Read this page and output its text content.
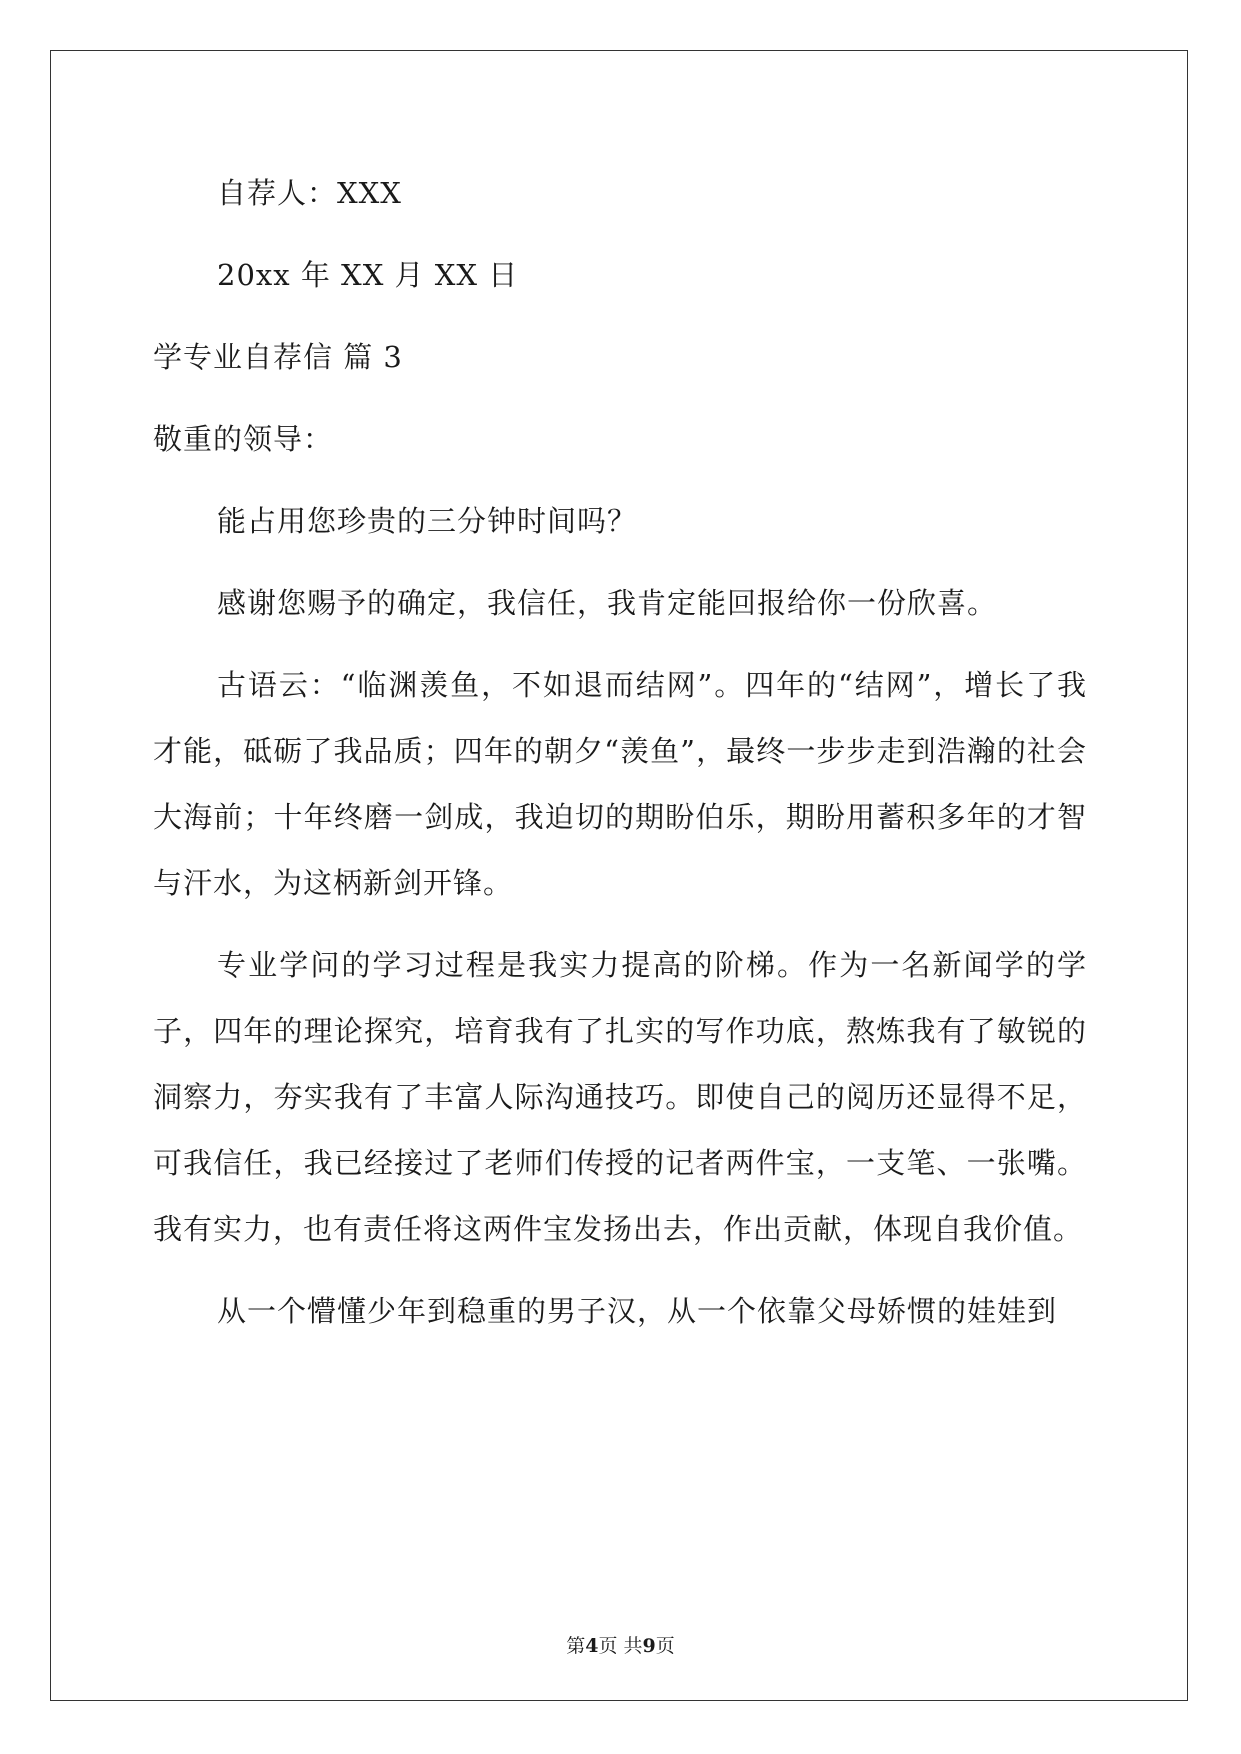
自荐人：XXX

20xx 年 XX 月 XX 日

学专业自荐信 篇 3

敬重的领导：

能占用您珍贵的三分钟时间吗？

感谢您赐予的确定，我信任，我肯定能回报给你一份欣喜。

古语云：“临渊羡鱼，不如退而结网”。四年的“结网”，增长了我才能，砥砺了我品质；四年的朝夕“羡鱼”，最终一步步走到浩瀚的社会大海前；十年终磨一剑成，我迫切的期盼伯乐，期盼用蓄积多年的才智与汗水，为这柄新剑开锋。

专业学问的学习过程是我实力提高的阶梯。作为一名新闻学的学子，四年的理论探究，培育我有了扎实的写作功底，熬炼我有了敏锐的洞察力，夯实我有了丰富人际沟通技巧。即使自己的阅历还显得不足，可我信任，我已经接过了老师们传授的记者两件宝，一支笔、一张嘴。我有实力，也有责任将这两件宝发扬出去，作出贡献，体现自我价值。

从一个懵懂少年到稳重的男子汉，从一个依靠父母娇惯的娃娃到

第4页 共9页
